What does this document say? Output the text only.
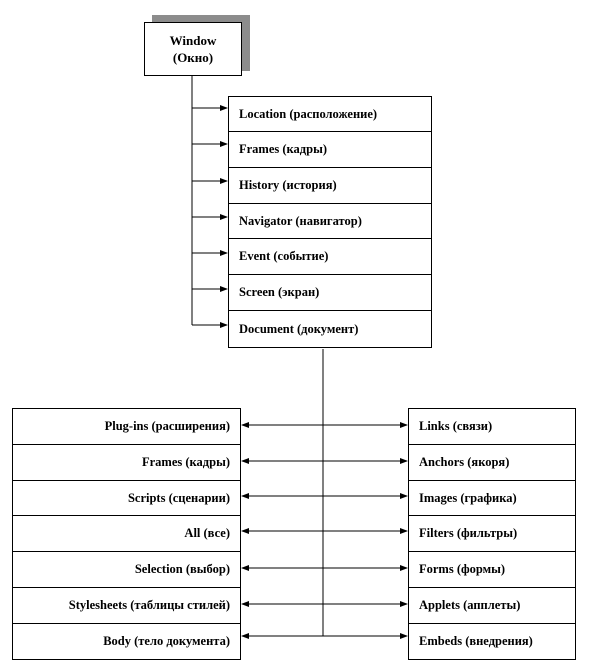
Window
(Окно)
Location (расположение)
Frames (кадры)
History (история)
Navigator (навигатор)
Event (событие)
Screen (экран)
Document (документ)
Plug-ins (расширения)
Frames (кадры)
Scripts (сценарии)
All (все)
Selection (выбор)
Stylesheets (таблицы стилей)
Body (тело документа)
Links (связи)
Anchors (якоря)
Images (графика)
Filters (фильтры)
Forms (формы)
Applets (апплеты)
Embeds (внедрения)
